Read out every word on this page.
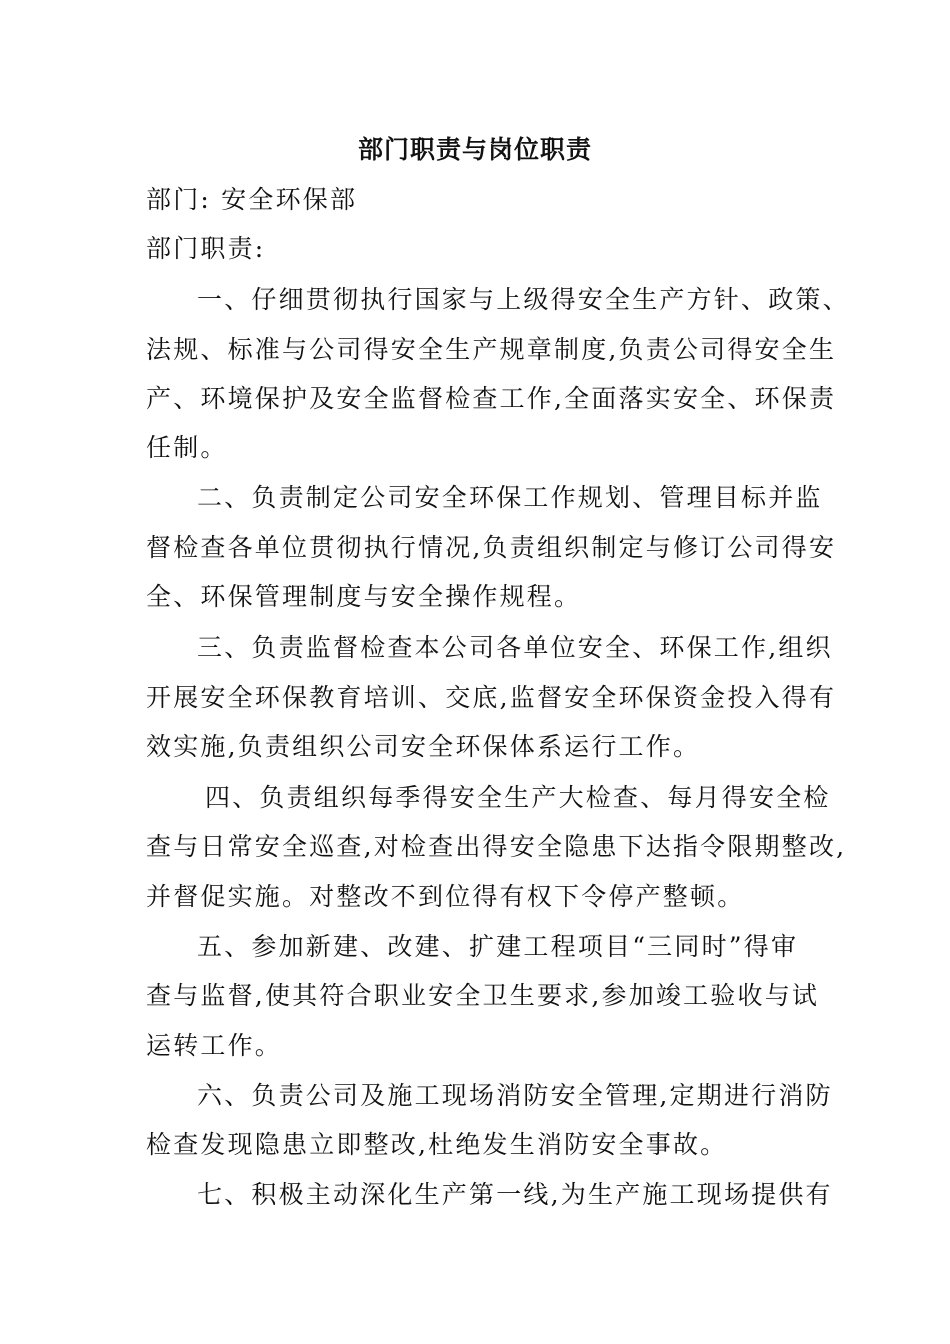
部门职责与岗位职责
部门: 安全环保部
部门职责:
一、仔细贯彻执行国家与上级得安全生产方针、政策、
法规、标准与公司得安全生产规章制度,负责公司得安全生
产、环境保护及安全监督检查工作,全面落实安全、环保责
任制。
二、负责制定公司安全环保工作规划、管理目标并监
督检查各单位贯彻执行情况,负责组织制定与修订公司得安
全、环保管理制度与安全操作规程。
三、负责监督检查本公司各单位安全、环保工作,组织
开展安全环保教育培训、交底,监督安全环保资金投入得有
效实施,负责组织公司安全环保体系运行工作。
四、负责组织每季得安全生产大检查、每月得安全检
查与日常安全巡查,对检查出得安全隐患下达指令限期整改,
并督促实施。对整改不到位得有权下令停产整顿。
五、参加新建、改建、扩建工程项目“三同时”得审
查与监督,使其符合职业安全卫生要求,参加竣工验收与试
运转工作。
六、负责公司及施工现场消防安全管理,定期进行消防
检查发现隐患立即整改,杜绝发生消防安全事故。
七、积极主动深化生产第一线,为生产施工现场提供有
